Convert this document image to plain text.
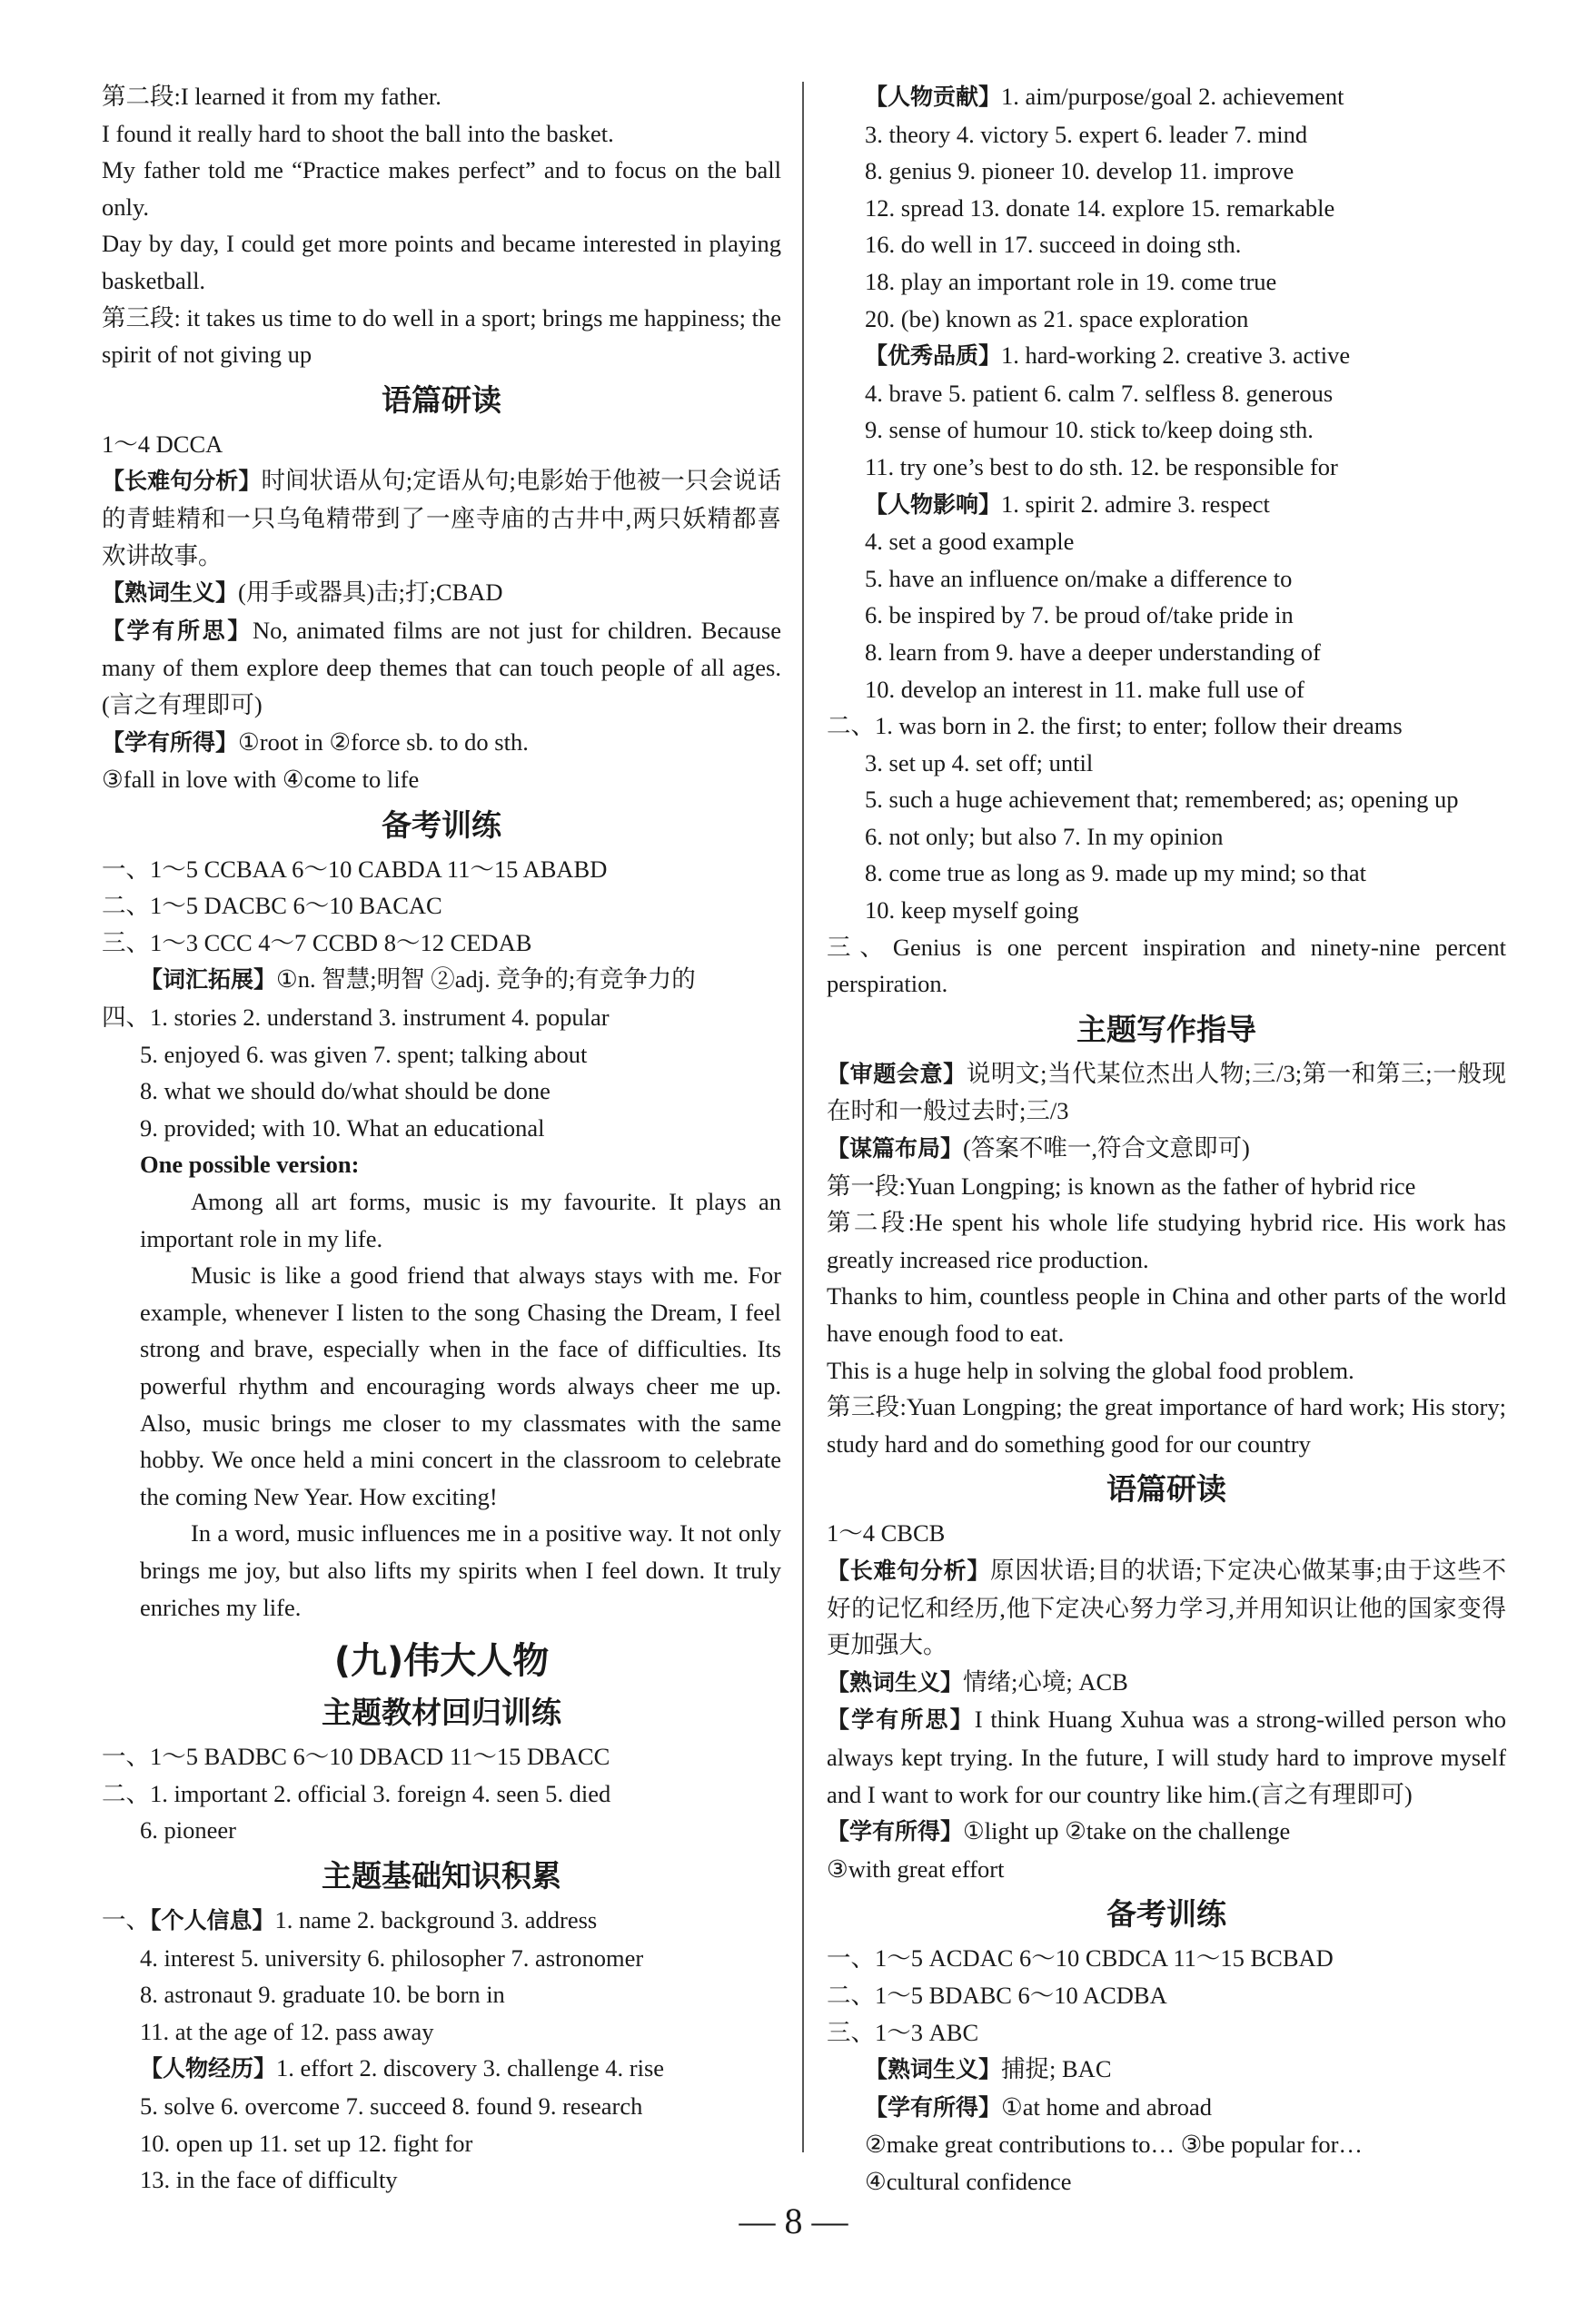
第二段:I learned it from my father.
I found it really hard to shoot the ball into the basket.
My father told me “Practice makes perfect” and to focus on the ball only.
Day by day, I could get more points and became interested in playing basketball.
第三段: it takes us time to do well in a sport; brings me happiness; the spirit of not giving up
语篇研读
1～4 DCCA
【长难句分析】时间状语从句;定语从句;电影始于他被一只会说话的青蛙精和一只乌龟精带到了一座寺庙的古井中,两只妖精都喜欢讲故事。
【熟词生义】(用手或器具)击;打;CBAD
【学有所思】No, animated films are not just for children. Because many of them explore deep themes that can touch people of all ages.(言之有理即可)
【学有所得】①root in ②force sb. to do sth.
③fall in love with ④come to life
备考训练
一、1～5 CCBAA 6～10 CABDA 11～15 ABABD
二、1～5 DACBC 6～10 BACAC
三、1～3 CCC 4～7 CCBD 8～12 CEDAB
【词汇拓展】①n. 智慧;明智 ②adj. 竞争的;有竞争力的
四、1. stories 2. understand 3. instrument 4. popular
5. enjoyed 6. was given 7. spent; talking about
8. what we should do/what should be done
9. provided; with 10. What an educational
One possible version:
Among all art forms, music is my favourite. It plays an important role in my life.
Music is like a good friend that always stays with me. For example, whenever I listen to the song Chasing the Dream, I feel strong and brave, especially when in the face of difficulties. Its powerful rhythm and encouraging words always cheer me up. Also, music brings me closer to my classmates with the same hobby. We once held a mini concert in the classroom to celebrate the coming New Year. How exciting!
In a word, music influences me in a positive way. It not only brings me joy, but also lifts my spirits when I feel down. It truly enriches my life.
(九)伟大人物
主题教材回归训练
一、1～5 BADBC 6～10 DBACD 11～15 DBACC
二、1. important 2. official 3. foreign 4. seen 5. died
6. pioneer
主题基础知识积累
一、【个人信息】1. name 2. background 3. address
4. interest 5. university 6. philosopher 7. astronomer
8. astronaut 9. graduate 10. be born in
11. at the age of 12. pass away
【人物经历】1. effort 2. discovery 3. challenge 4. rise
5. solve 6. overcome 7. succeed 8. found 9. research
10. open up 11. set up 12. fight for
13. in the face of difficulty
【人物贡献】1. aim/purpose/goal 2. achievement
3. theory 4. victory 5. expert 6. leader 7. mind
8. genius 9. pioneer 10. develop 11. improve
12. spread 13. donate 14. explore 15. remarkable
16. do well in 17. succeed in doing sth.
18. play an important role in 19. come true
20. (be) known as 21. space exploration
【优秀品质】1. hard-working 2. creative 3. active
4. brave 5. patient 6. calm 7. selfless 8. generous
9. sense of humour 10. stick to/keep doing sth.
11. try one’s best to do sth. 12. be responsible for
【人物影响】1. spirit 2. admire 3. respect
4. set a good example
5. have an influence on/make a difference to
6. be inspired by 7. be proud of/take pride in
8. learn from 9. have a deeper understanding of
10. develop an interest in 11. make full use of
二、1. was born in 2. the first; to enter; follow their dreams
3. set up 4. set off; until
5. such a huge achievement that; remembered; as; opening up
6. not only; but also 7. In my opinion
8. come true as long as 9. made up my mind; so that
10. keep myself going
三、Genius is one percent inspiration and ninety-nine percent perspiration.
主题写作指导
【审题会意】说明文;当代某位杰出人物;三/3;第一和第三;一般现在时和一般过去时;三/3
【谋篇布局】(答案不唯一,符合文意即可)
第一段:Yuan Longping; is known as the father of hybrid rice
第二段:He spent his whole life studying hybrid rice. His work has greatly increased rice production.
Thanks to him, countless people in China and other parts of the world have enough food to eat.
This is a huge help in solving the global food problem.
第三段:Yuan Longping; the great importance of hard work; His story; study hard and do something good for our country
语篇研读
1～4 CBCB
【长难句分析】原因状语;目的状语;下定决心做某事;由于这些不好的记忆和经历,他下定决心努力学习,并用知识让他的国家变得更加强大。
【熟词生义】情绪;心境; ACB
【学有所思】I think Huang Xuhua was a strong-willed person who always kept trying. In the future, I will study hard to improve myself and I want to work for our country like him.(言之有理即可)
【学有所得】①light up ②take on the challenge
③with great effort
备考训练
一、1～5 ACDAC 6～10 CBDCA 11～15 BCBAD
二、1～5 BDABC 6～10 ACDBA
三、1～3 ABC
【熟词生义】捕捉; BAC
【学有所得】①at home and abroad
②make great contributions to… ③be popular for…
④cultural confidence
— 8 —
